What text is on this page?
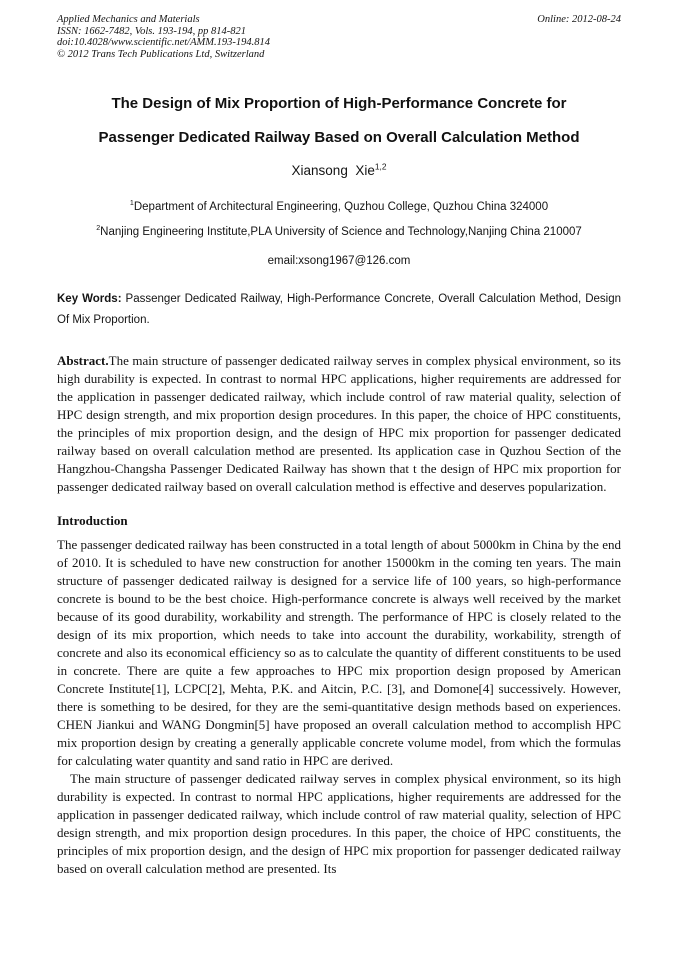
Applied Mechanics and Materials
ISSN: 1662-7482, Vols. 193-194, pp 814-821
doi:10.4028/www.scientific.net/AMM.193-194.814
© 2012 Trans Tech Publications Ltd, Switzerland
Online: 2012-08-24
The Design of Mix Proportion of High-Performance Concrete for
Passenger Dedicated Railway Based on Overall Calculation Method
Xiansong  Xie$^{1,2}$
$^1$Department of Architectural Engineering, Quzhou College, Quzhou China 324000
$^2$Nanjing Engineering Institute,PLA University of Science and Technology,Nanjing China 210007
email:xsong1967@126.com

Key Words: Passenger Dedicated Railway, High-Performance Concrete, Overall Calculation Method, Design Of Mix Proportion.

Abstract.The main structure of passenger dedicated railway serves in complex physical environment, so its high durability is expected. In contrast to normal HPC applications, higher requirements are addressed for the application in passenger dedicated railway, which include control of raw material quality, selection of HPC design strength, and mix proportion design procedures. In this paper, the choice of HPC constituents, the principles of mix proportion design, and the design of HPC mix proportion for passenger dedicated railway based on overall calculation method are presented. Its application case in Quzhou Section of the Hangzhou-Changsha Passenger Dedicated Railway has shown that t the design of HPC mix proportion for passenger dedicated railway based on overall calculation method is effective and deserves popularization.

Introduction

The passenger dedicated railway has been constructed in a total length of about 5000km in China by the end of 2010. It is scheduled to have new construction for another 15000km in the coming ten years. The main structure of passenger dedicated railway is designed for a service life of 100 years, so high-performance concrete is bound to be the best choice. High-performance concrete is always well received by the market because of its good durability, workability and strength. The performance of HPC is closely related to the design of its mix proportion, which needs to take into account the durability, workability, strength of concrete and also its economical efficiency so as to calculate the quantity of different constituents to be used in concrete. There are quite a few approaches to HPC mix proportion design proposed by American Concrete Institute[1], LCPC[2], Mehta, P.K. and Aitcin, P.C. [3], and Domone[4] successively. However, there is something to be desired, for they are the semi-quantitative design methods based on experiences. CHEN Jiankui and WANG Dongmin[5] have proposed an overall calculation method to accomplish HPC mix proportion design by creating a generally applicable concrete volume model, from which the formulas for calculating water quantity and sand ratio in HPC are derived.

The main structure of passenger dedicated railway serves in complex physical environment, so its high durability is expected. In contrast to normal HPC applications, higher requirements are addressed for the application in passenger dedicated railway, which include control of raw material quality, selection of HPC design strength, and mix proportion design procedures. In this paper, the choice of HPC constituents, the principles of mix proportion design, and the design of HPC mix proportion for passenger dedicated railway based on overall calculation method are presented. Its
